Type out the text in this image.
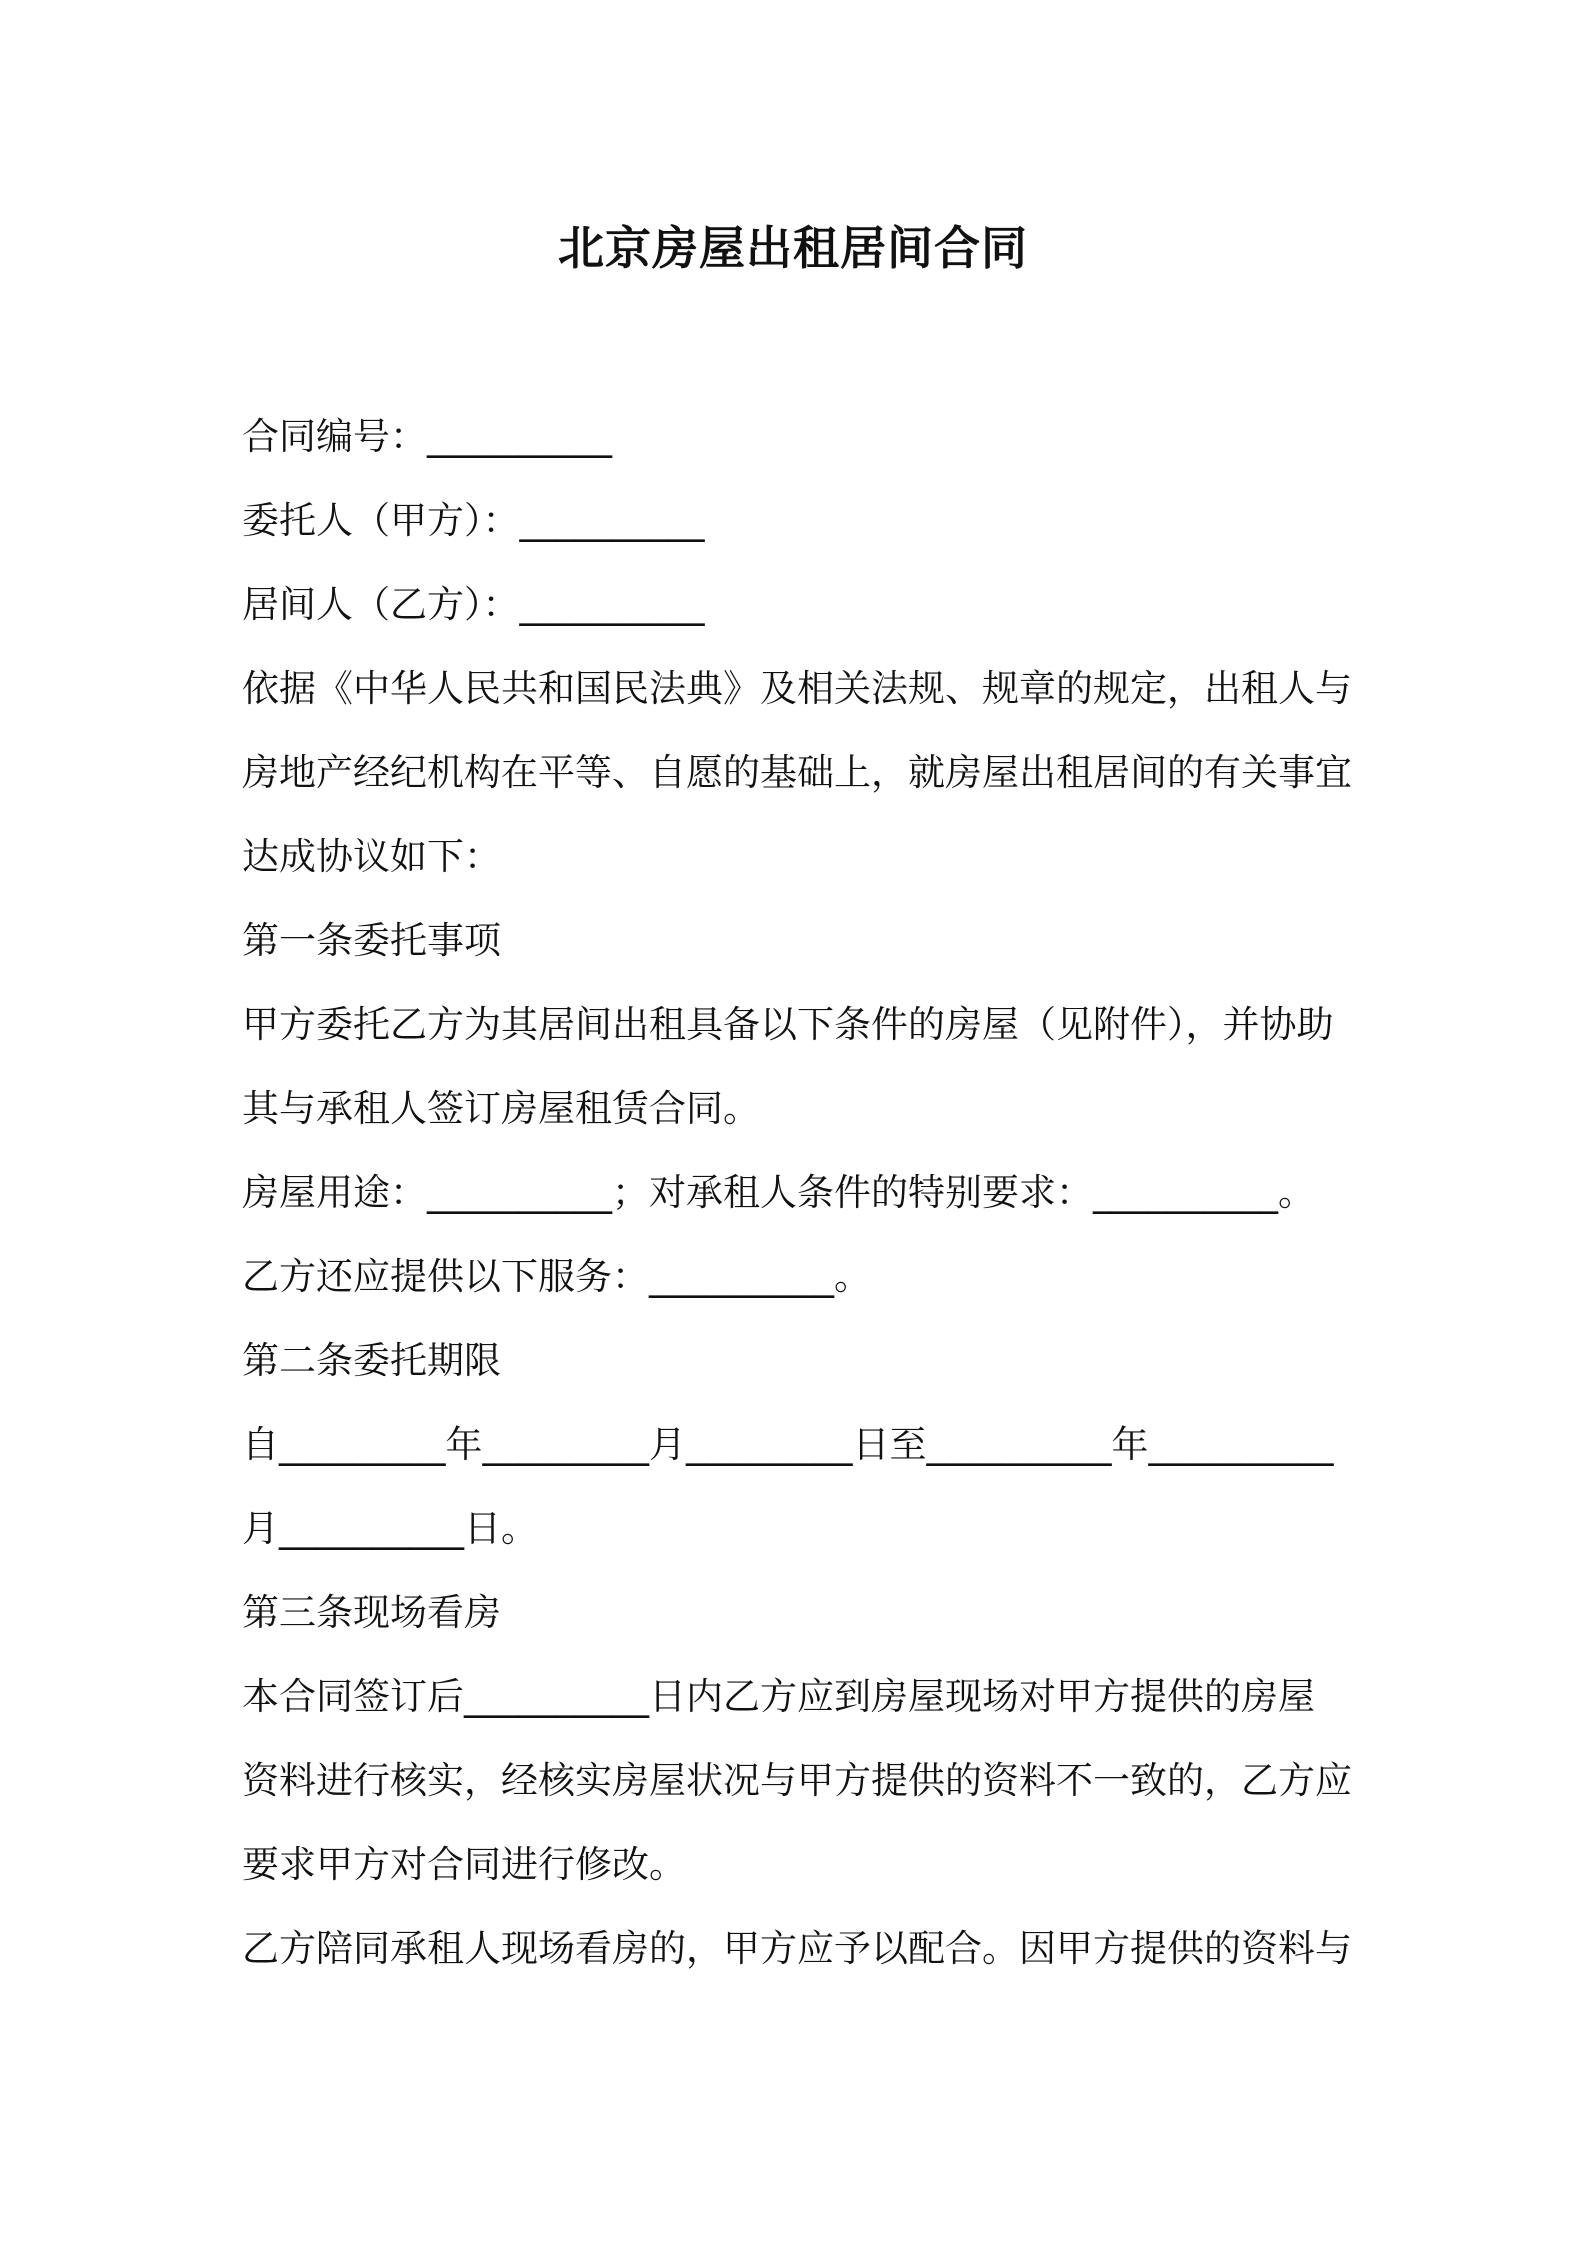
北京房屋出租居间合同
合同编号：__________
委托人（甲方）：__________
居间人（乙方）：__________
依据《中华人民共和国民法典》及相关法规、规章的规定，出租人与
房地产经纪机构在平等、自愿的基础上，就房屋出租居间的有关事宜
达成协议如下：
第一条委托事项
甲方委托乙方为其居间出租具备以下条件的房屋（见附件），并协助
其与承租人签订房屋租赁合同。
房屋用途：__________；对承租人条件的特别要求：__________。
乙方还应提供以下服务：__________。
第二条委托期限
自_________年_________月_________日至__________年__________
月__________日。
第三条现场看房
本合同签订后__________日内乙方应到房屋现场对甲方提供的房屋
资料进行核实，经核实房屋状况与甲方提供的资料不一致的，乙方应
要求甲方对合同进行修改。
乙方陪同承租人现场看房的，甲方应予以配合。因甲方提供的资料与
